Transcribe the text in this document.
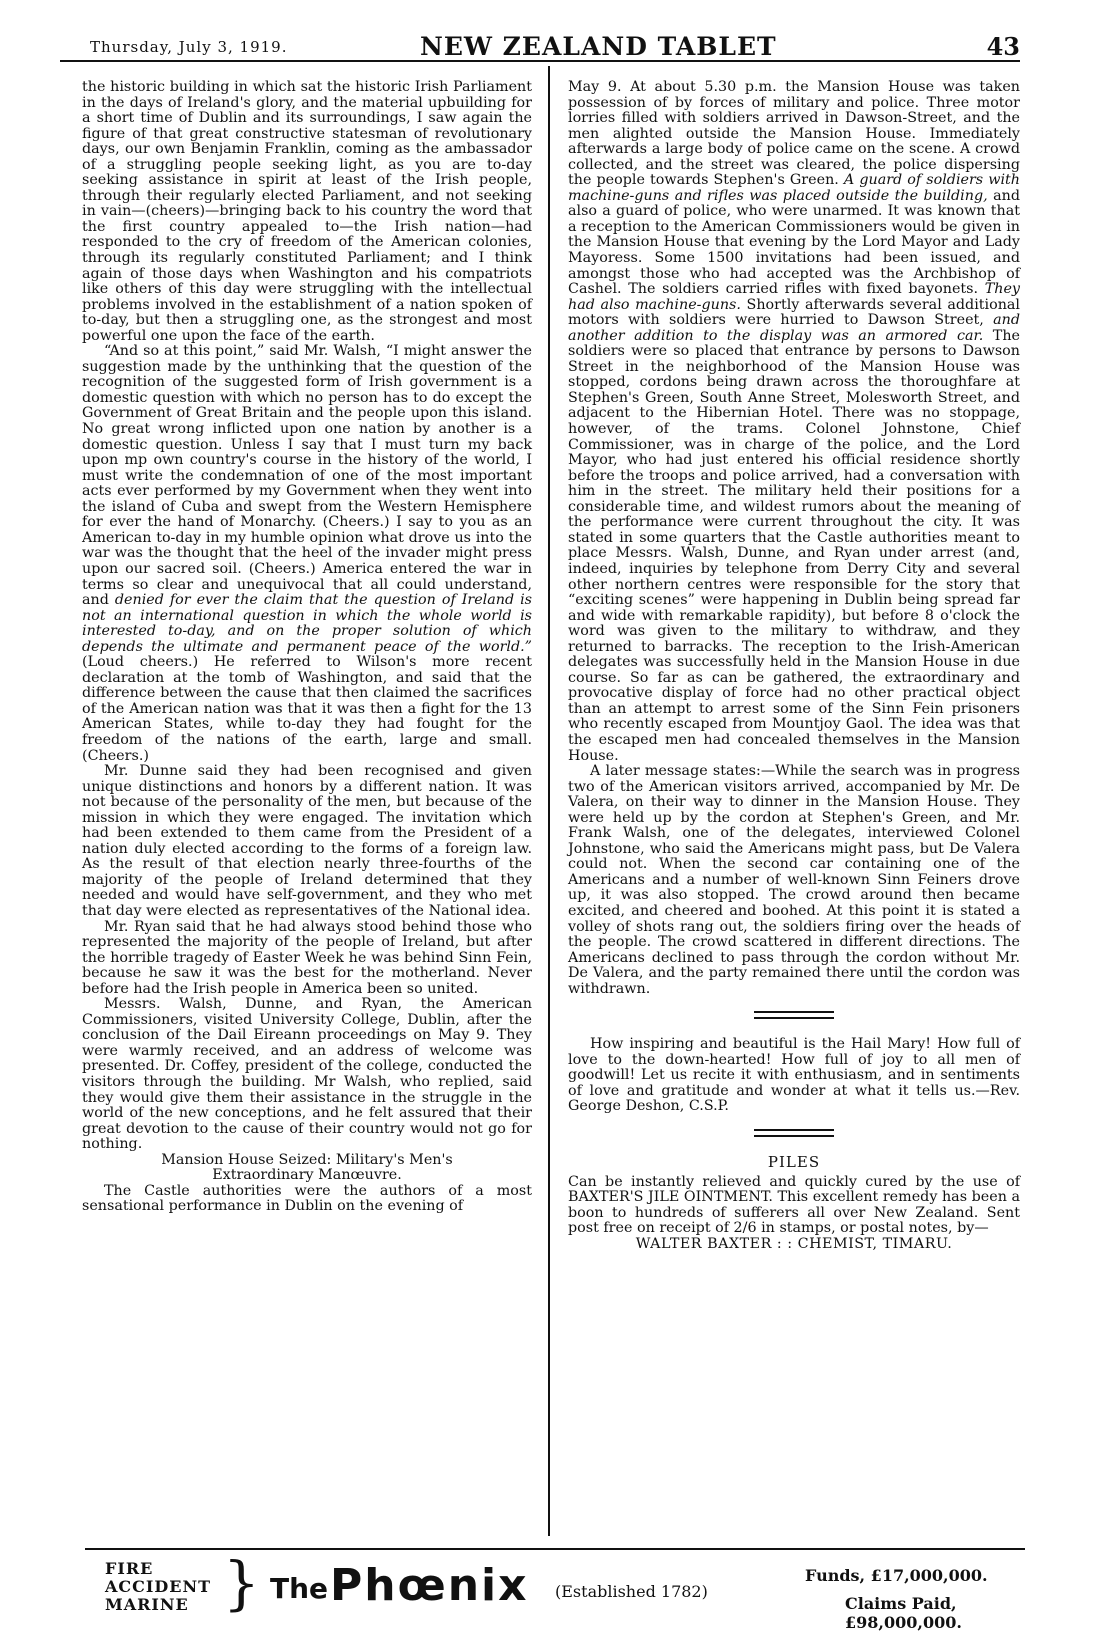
Thursday, July 3, 1919.	NEW ZEALAND TABLET	43

the historic building in which sat the historic Irish Parliament in the days of Ireland's glory, and the material upbuilding for a short time of Dublin and its surroundings, I saw again the figure of that great constructive statesman of revolutionary days, our own Benjamin Franklin, coming as the ambassador of a struggling people seeking light, as you are to-day seeking assistance in spirit at least of the Irish people, through their regularly elected Parliament, and not seeking in vain—(cheers)—bringing back to his country the word that the first country appealed to—the Irish nation—had responded to the cry of freedom of the American colonies, through its regularly constituted Parliament; and I think again of those days when Washington and his compatriots like others of this day were struggling with the intellectual problems involved in the establishment of a nation spoken of to-day, but then a struggling one, as the strongest and most powerful one upon the face of the earth.

“And so at this point,” said Mr. Walsh, “I might answer the suggestion made by the unthinking that the question of the recognition of the suggested form of Irish government is a domestic question with which no person has to do except the Government of Great Britain and the people upon this island. No great wrong inflicted upon one nation by another is a domestic question. Unless I say that I must turn my back upon mp own country's course in the history of the world, I must write the condemnation of one of the most important acts ever performed by my Government when they went into the island of Cuba and swept from the Western Hemisphere for ever the hand of Monarchy. (Cheers.) I say to you as an American to-day in my humble opinion what drove us into the war was the thought that the heel of the invader might press upon our sacred soil. (Cheers.) America entered the war in terms so clear and unequivocal that all could understand, and denied for ever the claim that the question of Ireland is not an international question in which the whole world is interested to-day, and on the proper solution of which depends the ultimate and permanent peace of the world.” (Loud cheers.) He referred to Wilson's more recent declaration at the tomb of Washington, and said that the difference between the cause that then claimed the sacrifices of the American nation was that it was then a fight for the 13 American States, while to-day they had fought for the freedom of the nations of the earth, large and small. (Cheers.)

Mr. Dunne said they had been recognised and given unique distinctions and honors by a different nation. It was not because of the personality of the men, but because of the mission in which they were engaged. The invitation which had been extended to them came from the President of a nation duly elected according to the forms of a foreign law. As the result of that election nearly three-fourths of the majority of the people of Ireland determined that they needed and would have self-government, and they who met that day were elected as representatives of the National idea.

Mr. Ryan said that he had always stood behind those who represented the majority of the people of Ireland, but after the horrible tragedy of Easter Week he was behind Sinn Fein, because he saw it was the best for the motherland. Never before had the Irish people in America been so united.

Messrs. Walsh, Dunne, and Ryan, the American Commissioners, visited University College, Dublin, after the conclusion of the Dail Eireann proceedings on May 9. They were warmly received, and an address of welcome was presented. Dr. Coffey, president of the college, conducted the visitors through the building. Mr Walsh, who replied, said they would give them their assistance in the struggle in the world of the new conceptions, and he felt assured that their great devotion to the cause of their country would not go for nothing.

Mansion House Seized: Military's Men's
Extraordinary Manœuvre.

The Castle authorities were the authors of a most sensational performance in Dublin on the evening of

May 9. At about 5.30 p.m. the Mansion House was taken possession of by forces of military and police. Three motor lorries filled with soldiers arrived in Dawson-Street, and the men alighted outside the Mansion House. Immediately afterwards a large body of police came on the scene. A crowd collected, and the street was cleared, the police dispersing the people towards Stephen's Green. A guard of soldiers with machine-guns and rifles was placed outside the building, and also a guard of police, who were unarmed. It was known that a reception to the American Commissioners would be given in the Mansion House that evening by the Lord Mayor and Lady Mayoress. Some 1500 invitations had been issued, and amongst those who had accepted was the Archbishop of Cashel. The soldiers carried rifles with fixed bayonets. They had also machine-guns. Shortly afterwards several additional motors with soldiers were hurried to Dawson Street, and another addition to the display was an armored car. The soldiers were so placed that entrance by persons to Dawson Street in the neighborhood of the Mansion House was stopped, cordons being drawn across the thoroughfare at Stephen's Green, South Anne Street, Molesworth Street, and adjacent to the Hibernian Hotel. There was no stoppage, however, of the trams. Colonel Johnstone, Chief Commissioner, was in charge of the police, and the Lord Mayor, who had just entered his official residence shortly before the troops and police arrived, had a conversation with him in the street. The military held their positions for a considerable time, and wildest rumors about the meaning of the performance were current throughout the city. It was stated in some quarters that the Castle authorities meant to place Messrs. Walsh, Dunne, and Ryan under arrest (and, indeed, inquiries by telephone from Derry City and several other northern centres were responsible for the story that “exciting scenes” were happening in Dublin being spread far and wide with remarkable rapidity), but before 8 o'clock the word was given to the military to withdraw, and they returned to barracks. The reception to the Irish-American delegates was successfully held in the Mansion House in due course. So far as can be gathered, the extraordinary and provocative display of force had no other practical object than an attempt to arrest some of the Sinn Fein prisoners who recently escaped from Mountjoy Gaol. The idea was that the escaped men had concealed themselves in the Mansion House.

A later message states:—While the search was in progress two of the American visitors arrived, accompanied by Mr. De Valera, on their way to dinner in the Mansion House. They were held up by the cordon at Stephen's Green, and Mr. Frank Walsh, one of the delegates, interviewed Colonel Johnstone, who said the Americans might pass, but De Valera could not. When the second car containing one of the Americans and a number of well-known Sinn Feiners drove up, it was also stopped. The crowd around then became excited, and cheered and boohed. At this point it is stated a volley of shots rang out, the soldiers firing over the heads of the people. The crowd scattered in different directions. The Americans declined to pass through the cordon without Mr. De Valera, and the party remained there until the cordon was withdrawn.

How inspiring and beautiful is the Hail Mary! How full of love to the down-hearted! How full of joy to all men of goodwill! Let us recite it with enthusiasm, and in sentiments of love and gratitude and wonder at what it tells us.—Rev. George Deshon, C.S.P.

PILES

Can be instantly relieved and quickly cured by the use of BAXTER'S JILE OINTMENT. This excellent remedy has been a boon to hundreds of sufferers all over New Zealand. Sent post free on receipt of 2/6 in stamps, or postal notes, by—

WALTER BAXTER : : CHEMIST, TIMARU.

FIRE
ACCIDENT
MARINE } The Phœnix (Established 1782)
Funds, £17,000,000.
Claims Paid, £98,000,000.
